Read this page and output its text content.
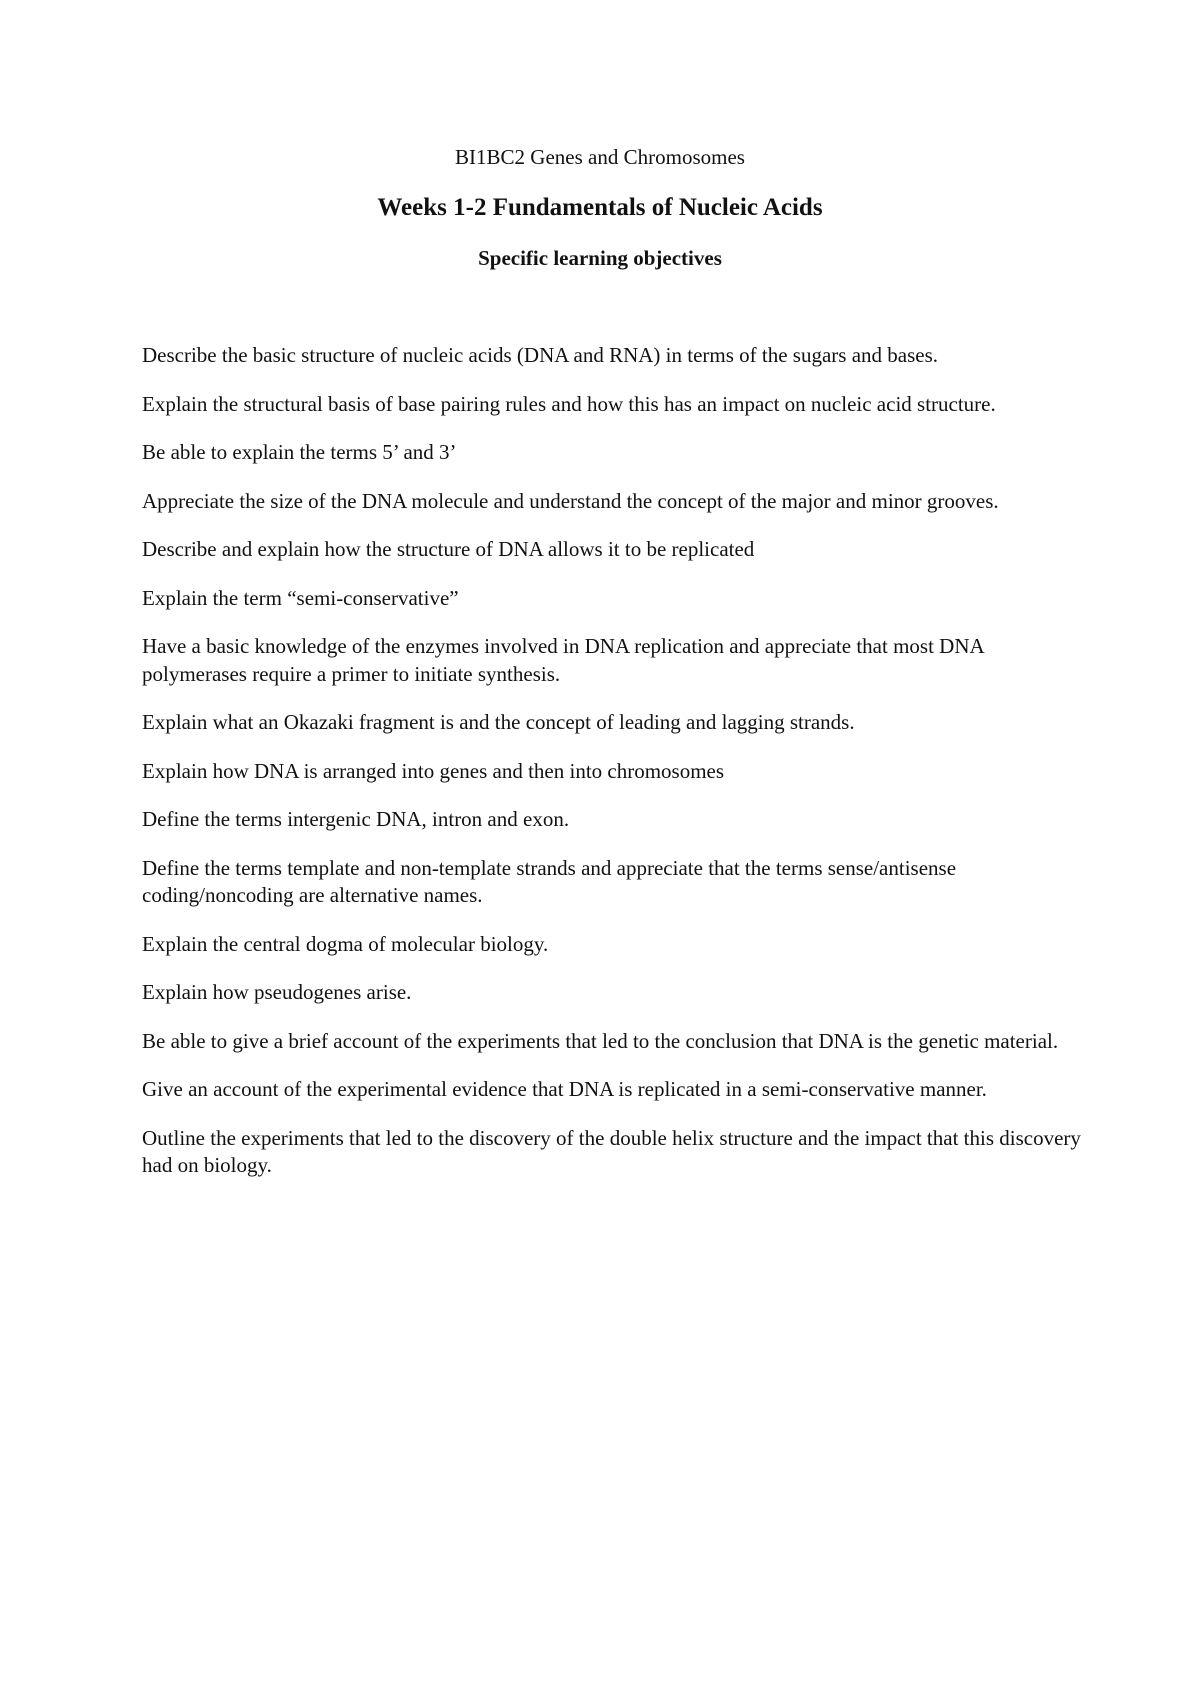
BI1BC2 Genes and Chromosomes
Weeks 1-2 Fundamentals of Nucleic Acids
Specific learning objectives
Describe the basic structure of nucleic acids (DNA and RNA) in terms of the sugars and bases.
Explain the structural basis of base pairing rules and how this has an impact on nucleic acid structure.
Be able to explain the terms 5’ and 3’
Appreciate the size of the DNA molecule and understand the concept of the major and minor grooves.
Describe and explain how the structure of DNA allows it to be replicated
Explain the term “semi-conservative”
Have a basic knowledge of the enzymes involved in DNA replication and appreciate that most DNA polymerases require a primer to initiate synthesis.
Explain what an Okazaki fragment is and the concept of leading and lagging strands.
Explain how DNA is arranged into genes and then into chromosomes
Define the terms intergenic DNA, intron and exon.
Define the terms template and non-template strands and appreciate that the terms sense/antisense coding/noncoding are alternative names.
Explain the central dogma of molecular biology.
Explain how pseudogenes arise.
Be able to give a brief account of the experiments that led to the conclusion that DNA is the genetic material.
Give an account of the experimental evidence that DNA is replicated in a semi-conservative manner.
Outline the experiments that led to the discovery of the double helix structure and the impact that this discovery had on biology.
